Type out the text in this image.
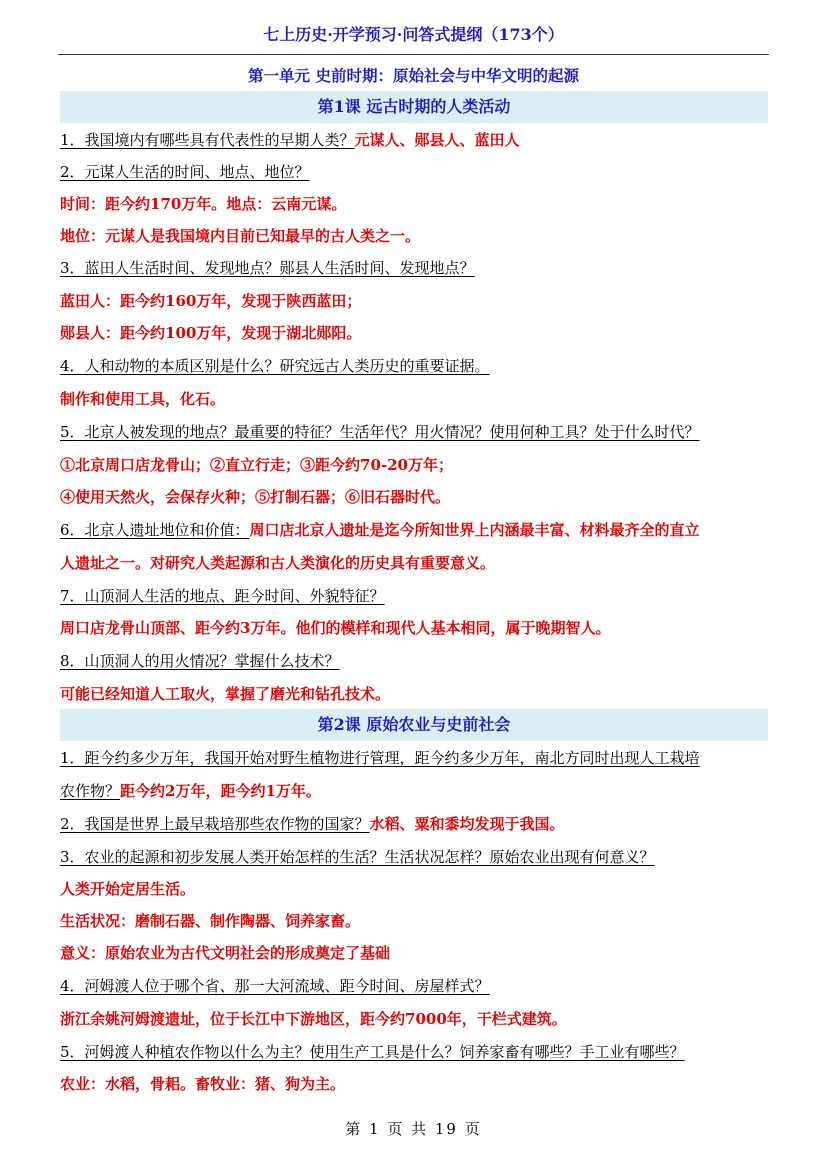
七上历史·开学预习·问答式提纲（173个）
第一单元 史前时期：原始社会与中华文明的起源
第1课 远古时期的人类活动
1．我国境内有哪些具有代表性的早期人类？元谋人、郧县人、蓝田人
2．元谋人生活的时间、地点、地位？
时间：距今约170万年。地点：云南元谋。
地位：元谋人是我国境内目前已知最早的古人类之一。
3．蓝田人生活时间、发现地点？郧县人生活时间、发现地点？
蓝田人：距今约160万年，发现于陕西蓝田；
郧县人：距今约100万年，发现于湖北郧阳。
4．人和动物的本质区别是什么？研究远古人类历史的重要证据。
制作和使用工具，化石。
5．北京人被发现的地点？最重要的特征？生活年代？用火情况？使用何种工具？处于什么时代？
①北京周口店龙骨山；②直立行走；③距今约70-20万年；
④使用天然火，会保存火种；⑤打制石器；⑥旧石器时代。
6．北京人遗址地位和价值：周口店北京人遗址是迄今所知世界上内涵最丰富、材料最齐全的直立
人遗址之一。对研究人类起源和古人类演化的历史具有重要意义。
7．山顶洞人生活的地点、距今时间、外貌特征？
周口店龙骨山顶部、距今约3万年。他们的模样和现代人基本相同，属于晚期智人。
8．山顶洞人的用火情况？掌握什么技术？
可能已经知道人工取火，掌握了磨光和钻孔技术。
第2课 原始农业与史前社会
1．距今约多少万年，我国开始对野生植物进行管理，距今约多少万年，南北方同时出现人工栽培
农作物？距今约2万年，距今约1万年。
2．我国是世界上最早栽培那些农作物的国家？水稻、粟和黍均发现于我国。
3．农业的起源和初步发展人类开始怎样的生活？生活状况怎样？原始农业出现有何意义？
人类开始定居生活。
生活状况：磨制石器、制作陶器、饲养家畜。
意义：原始农业为古代文明社会的形成奠定了基础
4．河姆渡人位于哪个省、那一大河流域、距今时间、房屋样式？
浙江余姚河姆渡遗址，位于长江中下游地区，距今约7000年，干栏式建筑。
5．河姆渡人种植农作物以什么为主？使用生产工具是什么？饲养家畜有哪些？手工业有哪些？
农业：水稻，骨耜。畜牧业：猪、狗为主。
第 1 页 共 19 页
